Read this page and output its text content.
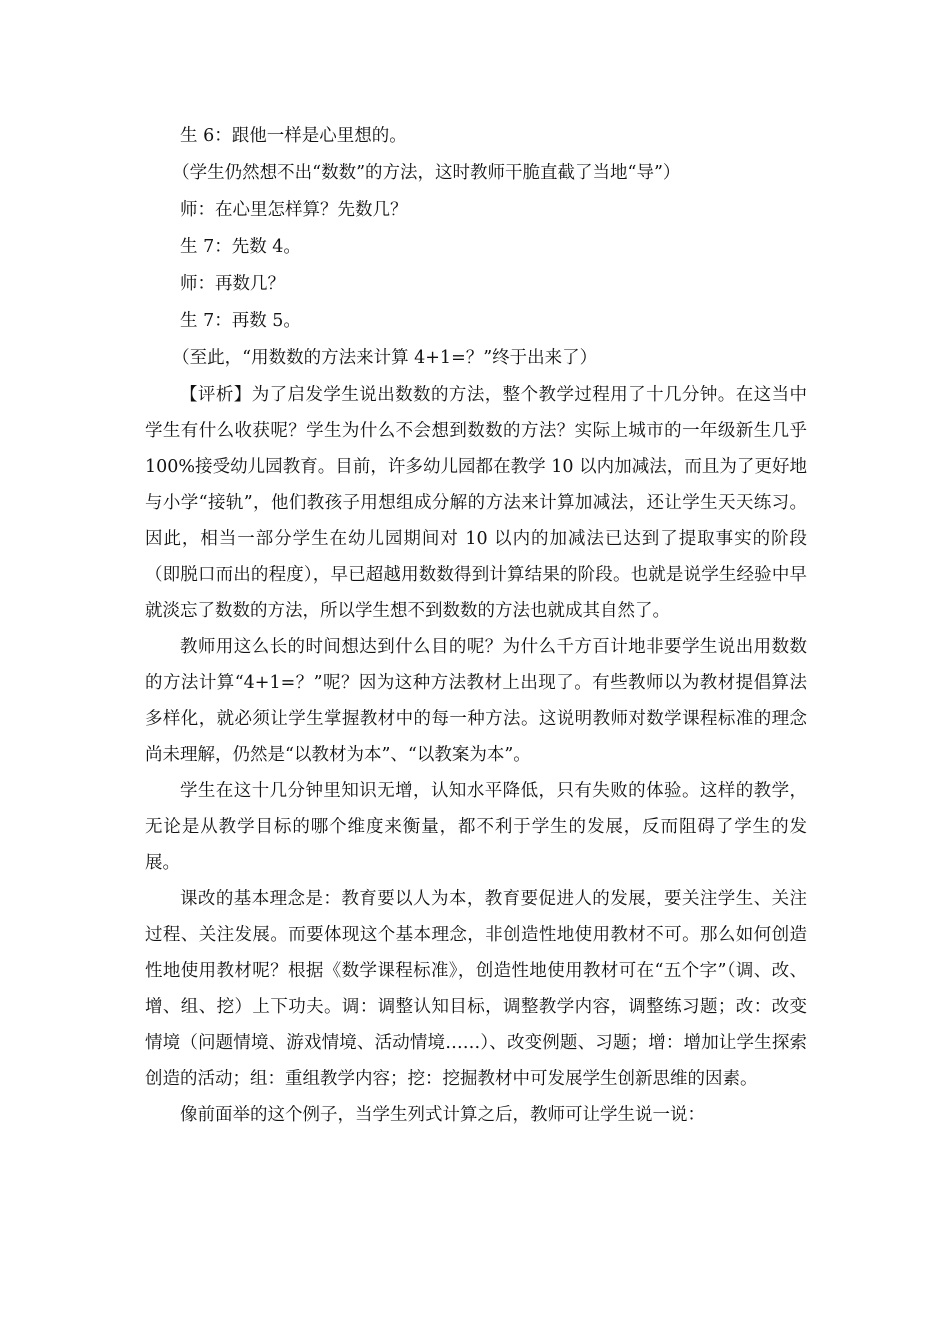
生 6：跟他一样是心里想的。

（学生仍然想不出“数数”的方法，这时教师干脆直截了当地“导”）

师：在心里怎样算？先数几？

生 7：先数 4。

师：再数几？

生 7：再数 5。

（至此，“用数数的方法来计算 4+1=？”终于出来了）

【评析】为了启发学生说出数数的方法，整个教学过程用了十几分钟。在这当中学生有什么收获呢？学生为什么不会想到数数的方法？实际上城市的一年级新生几乎 100%接受幼儿园教育。目前，许多幼儿园都在教学 10 以内加减法，而且为了更好地与小学“接轨”，他们教孩子用想组成分解的方法来计算加减法，还让学生天天练习。因此，相当一部分学生在幼儿园期间对 10 以内的加减法已达到了提取事实的阶段（即脱口而出的程度），早已超越用数数得到计算结果的阶段。也就是说学生经验中早就淡忘了数数的方法，所以学生想不到数数的方法也就成其自然了。

教师用这么长的时间想达到什么目的呢？为什么千方百计地非要学生说出用数数的方法计算“4+1=？”呢？因为这种方法教材上出现了。有些教师以为教材提倡算法多样化，就必须让学生掌握教材中的每一种方法。这说明教师对数学课程标准的理念尚未理解，仍然是“以教材为本”、“以教案为本”。

学生在这十几分钟里知识无增，认知水平降低，只有失败的体验。这样的教学，无论是从教学目标的哪个维度来衡量，都不利于学生的发展，反而阻碍了学生的发展。

课改的基本理念是：教育要以人为本，教育要促进人的发展，要关注学生、关注过程、关注发展。而要体现这个基本理念，非创造性地使用教材不可。那么如何创造性地使用教材呢？根据《数学课程标准》，创造性地使用教材可在“五个字”（调、改、增、组、挖）上下功夫。调：调整认知目标，调整教学内容，调整练习题；改：改变情境（问题情境、游戏情境、活动情境……）、改变例题、习题；增：增加让学生探索创造的活动；组：重组教学内容；挖：挖掘教材中可发展学生创新思维的因素。

像前面举的这个例子，当学生列式计算之后，教师可让学生说一说：
